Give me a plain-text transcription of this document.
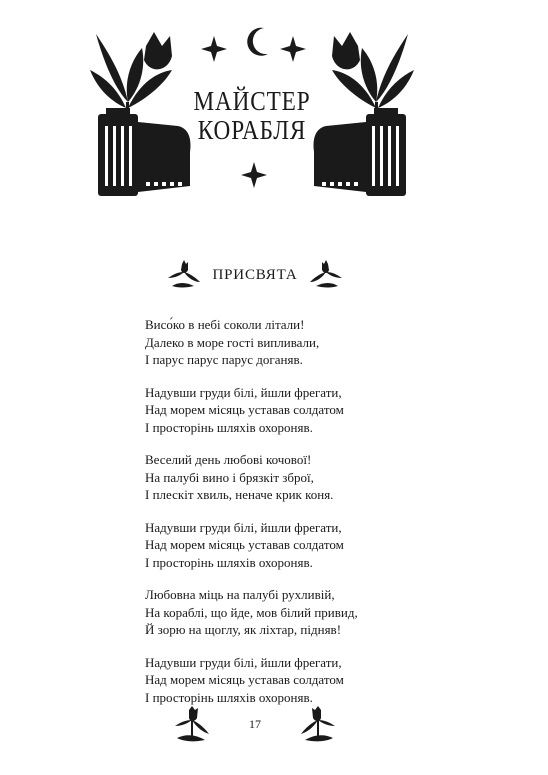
МАЙСТЕР
КОРАБЛЯ
ПРИСВЯТА
Висо́ко в небі соколи літали!
Далеко в море гості випливали,
І парус парус парус доганяв.
Надувши груди білі, йшли фрегати,
Над морем місяць уставав солдатом
І просторінь шляхів охороняв.
Веселий день любові кочової!
На палубі вино і брязкіт зброї,
І плескіт хвиль, неначе крик коня.
Надувши груди білі, йшли фрегати,
Над морем місяць уставав солдатом
І просторінь шляхів охороняв.
Любовна міць на палубі рухливій,
На кораблі, що йде, мов білий привид,
Й зорю на щоглу, як ліхтар, підняв!
Надувши груди білі, йшли фрегати,
Над морем місяць уставав солдатом
І просторінь шляхів охороняв.
17
